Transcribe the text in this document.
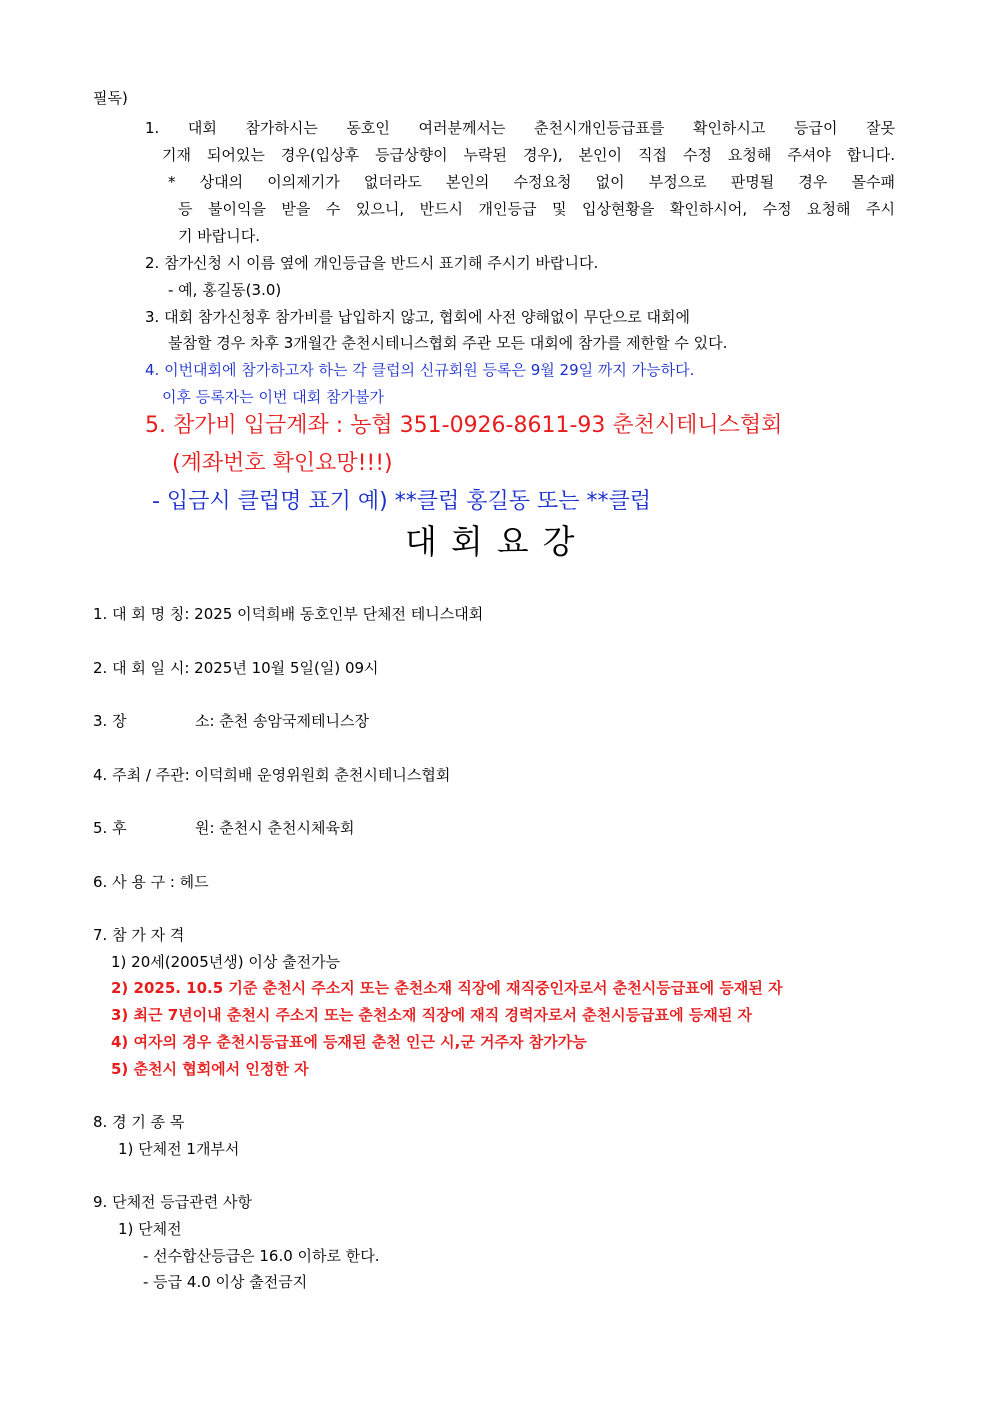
필독)
1. 대회 참가하시는 동호인 여러분께서는 춘천시개인등급표를 확인하시고 등급이 잘못
기재 되어있는 경우(입상후 등급상향이 누락된 경우), 본인이 직접 수정 요청해 주셔야 합니다.
* 상대의 이의제기가 없더라도 본인의 수정요청 없이 부정으로 판명될 경우 몰수패
등 불이익을 받을 수 있으니, 반드시 개인등급 및 입상현황을 확인하시어, 수정 요청해 주시
기 바랍니다.
2. 참가신청 시 이름 옆에 개인등급을 반드시 표기해 주시기 바랍니다.
- 예, 홍길동(3.0)
3. 대회 참가신청후 참가비를 납입하지 않고, 협회에 사전 양해없이 무단으로 대회에
불참할 경우 차후 3개월간 춘천시테니스협회 주관 모든 대회에 참가를 제한할 수 있다.
4. 이번대회에 참가하고자 하는 각 클럽의 신규회원 등록은 9월 29일 까지 가능하다.
이후 등록자는 이번 대회 참가불가
5. 참가비 입금계좌 : 농협 351-0926-8611-93 춘천시테니스협회
(계좌번호 확인요망!!!)
- 입금시 클럽명 표기 예) **클럽 홍길동 또는 **클럽
대회요강
1. 대 회 명 칭: 2025 이덕희배 동호인부 단체전 테니스대회
2. 대 회 일 시: 2025년 10월 5일(일) 09시
3. 장	소: 춘천 송암국제테니스장
4. 주최 / 주관: 이덕희배 운영위원회 춘천시테니스협회
5. 후	원: 춘천시 춘천시체육회
6. 사 용 구 : 헤드
7. 참 가 자 격
1) 20세(2005년생) 이상 출전가능
2) 2025. 10.5 기준 춘천시 주소지 또는 춘천소재 직장에 재직중인자로서 춘천시등급표에 등재된 자
3) 최근 7년이내 춘천시 주소지 또는 춘천소재 직장에 재직 경력자로서 춘천시등급표에 등재된 자
4) 여자의 경우 춘천시등급표에 등재된 춘천 인근 시,군 거주자 참가가능
5) 춘천시 협회에서 인정한 자
8. 경 기 종 목
1) 단체전 1개부서
9. 단체전 등급관련 사항
1) 단체전
- 선수합산등급은 16.0 이하로 한다.
- 등급 4.0 이상 출전금지
